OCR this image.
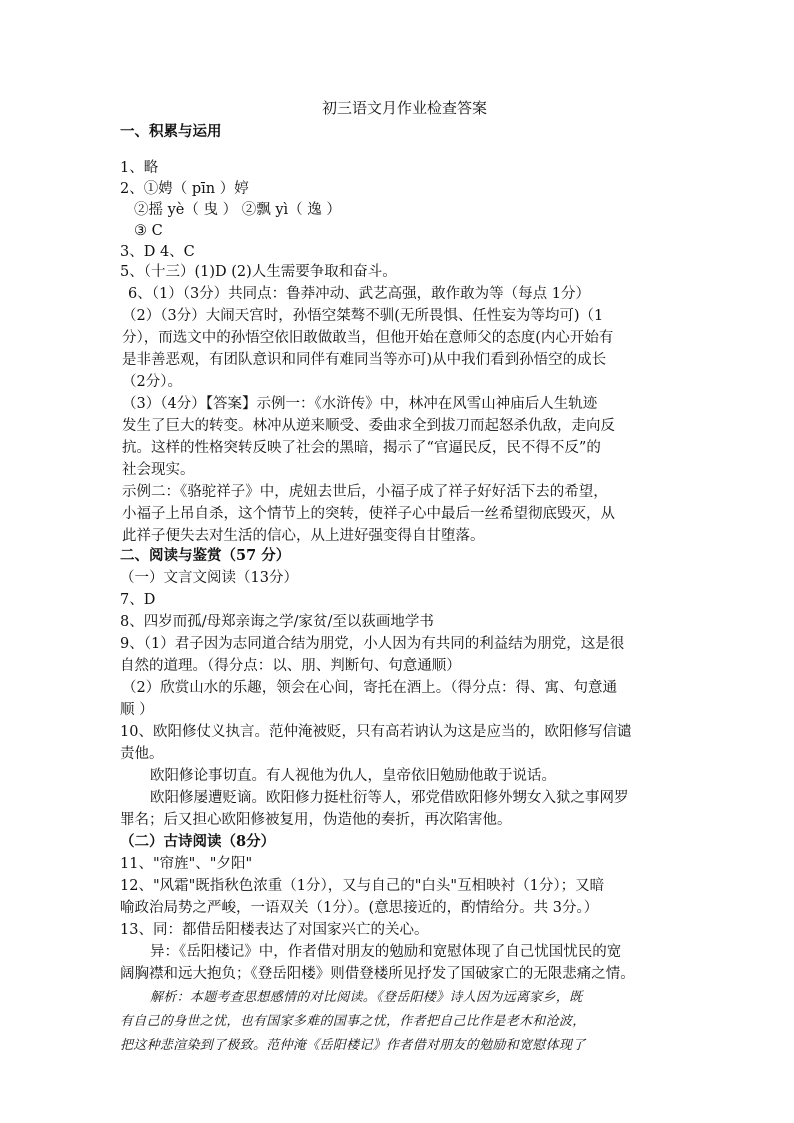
初三语文月作业检查答案
一、积累与运用
1、略
2、①娉（ pīn ）婷
②摇 yè（ 曳 ） ②飘 yì（ 逸 ）
③ C
3、D 4、C
5、（十三）(1)D (2)人生需要争取和奋斗。
6、（1）（3分）共同点：鲁莽冲动、武艺高强，敢作敢为等（每点 1分）
（2）（3分）大闹天宫时，孙悟空桀骜不驯(无所畏惧、任性妄为等均可)（1
分），而选文中的孙悟空依旧敢做敢当，但他开始在意师父的态度(内心开始有
是非善恶观，有团队意识和同伴有难同当等亦可)从中我们看到孙悟空的成长
（2分）。
（3）（4分）【答案】示例一：《水浒传》中，林冲在风雪山神庙后人生轨迹
发生了巨大的转变。林冲从逆来顺受、委曲求全到拔刀而起怒杀仇敌，走向反
抗。这样的性格突转反映了社会的黑暗，揭示了“官逼民反，民不得不反”的
社会现实。
示例二：《骆驼祥子》中，虎妞去世后，小福子成了祥子好好活下去的希望，
小福子上吊自杀，这个情节上的突转，使祥子心中最后一丝希望彻底毁灭，从
此祥子便失去对生活的信心，从上进好强变得自甘堕落。
二、阅读与鉴赏（57 分）
（一）文言文阅读（13分）
7、D
8、四岁而孤/母郑亲诲之学/家贫/至以荻画地学书
9、（1）君子因为志同道合结为朋党，小人因为有共同的利益结为朋党，这是很
自然的道理。（得分点：以、朋、判断句、句意通顺）
（2）欣赏山水的乐趣，领会在心间，寄托在酒上。（得分点：得、寓、句意通
顺 ）
10、欧阳修仗义执言。范仲淹被贬，只有高若讷认为这是应当的，欧阳修写信谴
责他。
欧阳修论事切直。有人视他为仇人，皇帝依旧勉励他敢于说话。
欧阳修屡遭贬谪。欧阳修力挺杜衍等人，邪党借欧阳修外甥女入狱之事网罗
罪名；后又担心欧阳修被复用，伪造他的奏折，再次陷害他。
（二）古诗阅读（8分）
11、"帘旌"、"夕阳"
12、"风霜"既指秋色浓重（1分），又与自己的"白头"互相映衬（1分）；又暗
喻政治局势之严峻，一语双关（1分）。(意思接近的，酌情给分。共 3分。）
13、同：都借岳阳楼表达了对国家兴亡的关心。
异：《岳阳楼记》中，作者借对朋友的勉励和宽慰体现了自己忧国忧民的宽
阔胸襟和远大抱负；《登岳阳楼》则借登楼所见抒发了国破家亡的无限悲痛之情。
解析：本题考查思想感情的对比阅读。《登岳阳楼》诗人因为远离家乡，既
有自己的身世之忧，也有国家多难的国事之忧，作者把自己比作是老木和沧波，
把这种悲渲染到了极致。范仲淹《岳阳楼记》作者借对朋友的勉励和宽慰体现了
